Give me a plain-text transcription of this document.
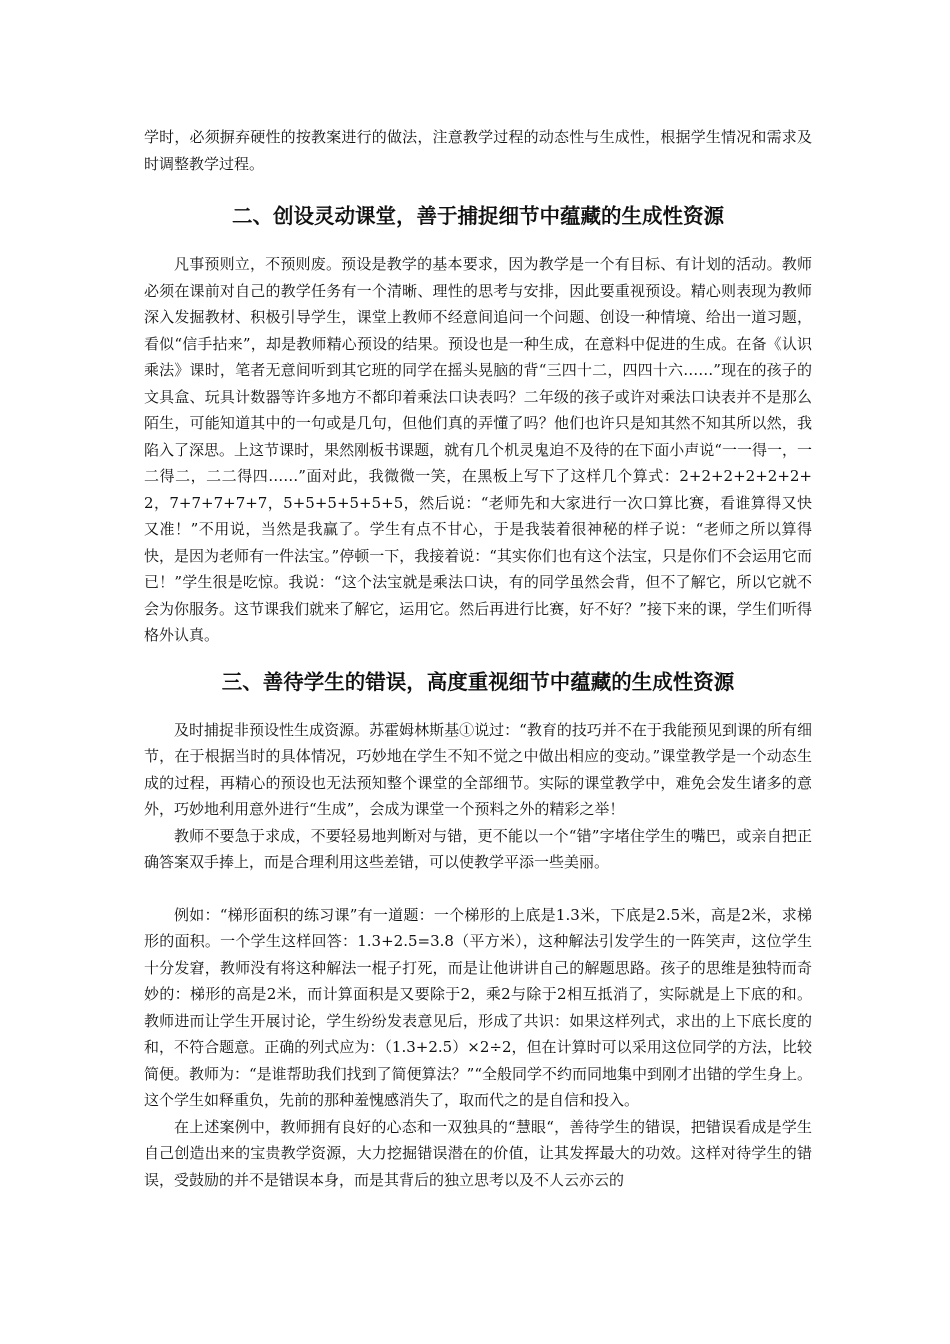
学时，必须摒弃硬性的按教案进行的做法，注意教学过程的动态性与生成性，根据学生情况和需求及时调整教学过程。

二、创设灵动课堂，善于捕捉细节中蕴藏的生成性资源

凡事预则立，不预则废。预设是教学的基本要求，因为教学是一个有目标、有计划的活动。教师必须在课前对自己的教学任务有一个清晰、理性的思考与安排，因此要重视预设。精心则表现为教师深入发掘教材、积极引导学生，课堂上教师不经意间追问一个问题、创设一种情境、给出一道习题，看似“信手拈来”，却是教师精心预设的结果。预设也是一种生成，在意料中促进的生成。在备《认识乘法》课时，笔者无意间听到其它班的同学在摇头晃脑的背“三四十二，四四十六……”现在的孩子的文具盒、玩具计数器等许多地方不都印着乘法口诀表吗？二年级的孩子或许对乘法口诀表并不是那么陌生，可能知道其中的一句或是几句，但他们真的弄懂了吗？他们也许只是知其然不知其所以然，我陷入了深思。上这节课时，果然刚板书课题，就有几个机灵鬼迫不及待的在下面小声说“一一得一，一二得二，二二得四……”面对此，我微微一笑，在黑板上写下了这样几个算式：2+2+2+2+2+2+2，7+7+7+7+7，5+5+5+5+5+5，然后说：“老师先和大家进行一次口算比赛，看谁算得又快又准！”不用说，当然是我赢了。学生有点不甘心，于是我装着很神秘的样子说：“老师之所以算得快，是因为老师有一件法宝。”停顿一下，我接着说：“其实你们也有这个法宝，只是你们不会运用它而已！”学生很是吃惊。我说：“这个法宝就是乘法口诀，有的同学虽然会背，但不了解它，所以它就不会为你服务。这节课我们就来了解它，运用它。然后再进行比赛，好不好？”接下来的课，学生们听得格外认真。

三、善待学生的错误，高度重视细节中蕴藏的生成性资源

及时捕捉非预设性生成资源。苏霍姆林斯基①说过：“教育的技巧并不在于我能预见到课的所有细节，在于根据当时的具体情况，巧妙地在学生不知不觉之中做出相应的变动。”课堂教学是一个动态生成的过程，再精心的预设也无法预知整个课堂的全部细节。实际的课堂教学中，难免会发生诸多的意外，巧妙地利用意外进行“生成”，会成为课堂一个预料之外的精彩之举！

教师不要急于求成，不要轻易地判断对与错，更不能以一个“错”字堵住学生的嘴巴，或亲自把正确答案双手捧上，而是合理利用这些差错，可以使教学平添一些美丽。

例如：“梯形面积的练习课”有一道题：一个梯形的上底是1.3米，下底是2.5米，高是2米，求梯形的面积。一个学生这样回答：1.3+2.5=3.8（平方米），这种解法引发学生的一阵笑声，这位学生十分发窘，教师没有将这种解法一棍子打死，而是让他讲讲自己的解题思路。孩子的思维是独特而奇妙的：梯形的高是2米，而计算面积是又要除于2，乘2与除于2相互抵消了，实际就是上下底的和。教师进而让学生开展讨论，学生纷纷发表意见后，形成了共识：如果这样列式，求出的上下底长度的和，不符合题意。正确的列式应为：（1.3+2.5）×2÷2，但在计算时可以采用这位同学的方法，比较简便。教师为：“是谁帮助我们找到了简便算法？”“全般同学不约而同地集中到刚才出错的学生身上。这个学生如释重负，先前的那种羞愧感消失了，取而代之的是自信和投入。

在上述案例中，教师拥有良好的心态和一双独具的“慧眼“，善待学生的错误，把错误看成是学生自己创造出来的宝贵教学资源，大力挖掘错误潜在的价值，让其发挥最大的功效。这样对待学生的错误，受鼓励的并不是错误本身，而是其背后的独立思考以及不人云亦云的
